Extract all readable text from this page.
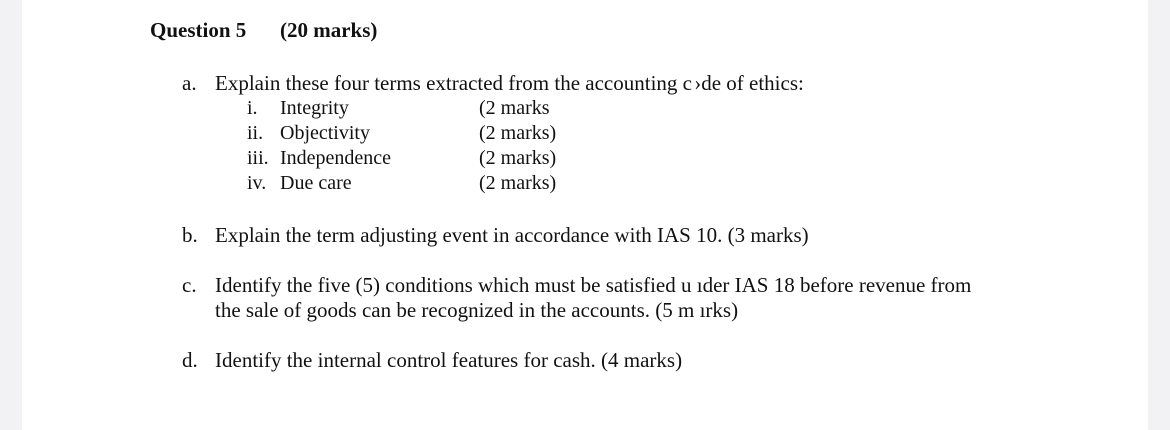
Question 5 (20 marks)
a. Explain these four terms extracted from the accounting c  ›de of ethics:
i. Integrity	(2 marks
ii. Objectivity	(2 marks)
iii. Independence	(2 marks)
iv. Due care	(2 marks)
b. Explain the term adjusting event in accordance with IAS 10. (3 marks)
c. Identify the five (5) conditions which must be satisfied u ıder IAS 18 before revenue from
the sale of goods can be recognized in the accounts. (5 m ırks)
d. Identify the internal control features for cash. (4 marks)
